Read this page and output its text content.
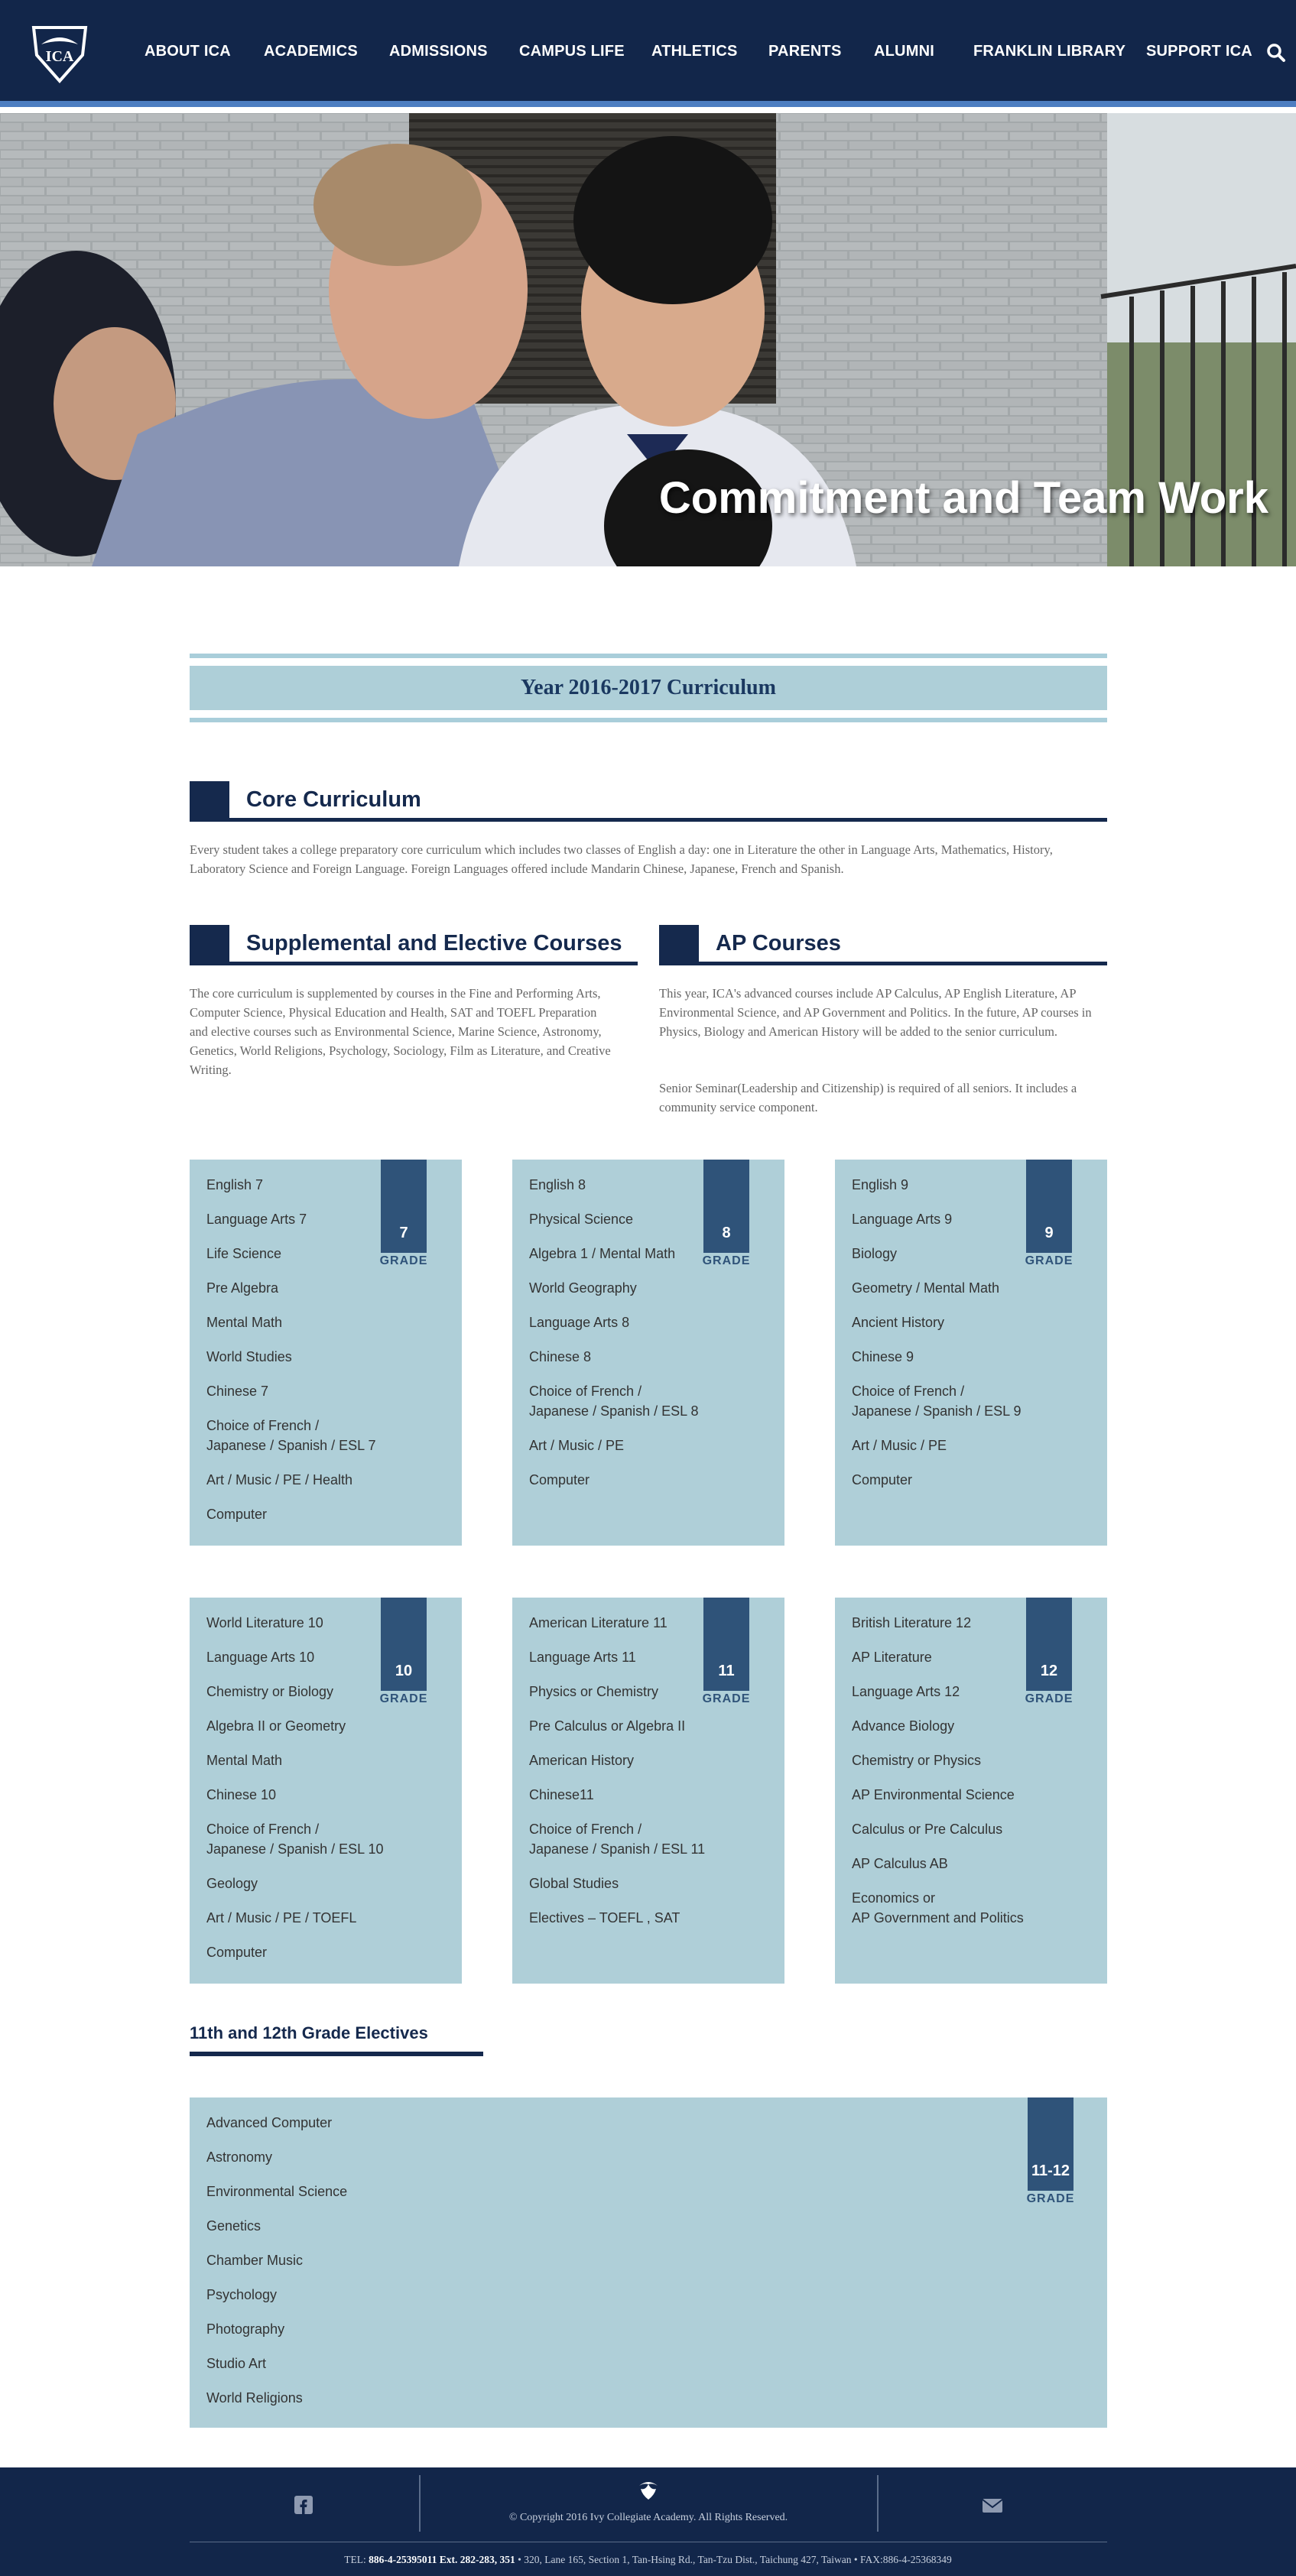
ICA	ABOUT ICA ACADEMICS ADMISSIONS CAMPUS LIFE ATHLETICS PARENTS ALUMNI	FRANKLIN LIBRARY SUPPORT ICA
Commitment and Team Work
Year 2016-2017 Curriculum
Core Curriculum

Every student takes a college preparatory core curriculum which includes two classes of English a day: one in Literature the other in Language Arts, Mathematics, History, Laboratory Science and Foreign Language. Foreign Languages offered include Mandarin Chinese, Japanese, French and Spanish.

Supplemental and Elective Courses

The core curriculum is supplemented by courses in the Fine and Performing Arts, Computer Science, Physical Education and Health, SAT and TOEFL Preparation and elective courses such as Environmental Science, Marine Science, Astronomy, Genetics, World Religions, Psychology, Sociology, Film as Literature, and Creative Writing.

AP Courses

This year, ICA's advanced courses include AP Calculus, AP English Literature, AP Environmental Science, and AP Government and Politics. In the future, AP courses in Physics, Biology and American History will be added to the senior curriculum.

Senior Seminar(Leadership and Citizenship) is required of all seniors. It includes a community service component.

English 7
Language Arts 7
Life Science
Pre Algebra
Mental Math
World Studies
Chinese 7
Choice of French /
Japanese / Spanish / ESL 7
Art / Music / PE / Health
Computer
7
GRADE
English 8
Physical Science
Algebra 1 / Mental Math
World Geography
Language Arts 8
Chinese 8
Choice of French /
Japanese / Spanish / ESL 8
Art / Music / PE
Computer
8
GRADE
English 9
Language Arts 9
Biology
Geometry / Mental Math
Ancient History
Chinese 9
Choice of French /
Japanese / Spanish / ESL 9
Art / Music / PE
Computer
9
GRADE
World Literature 10
Language Arts 10
Chemistry or Biology
Algebra II or Geometry
Mental Math
Chinese 10
Choice of French /
Japanese / Spanish / ESL 10
Geology
Art / Music / PE / TOEFL
Computer
10
GRADE
American Literature 11
Language Arts 11
Physics or Chemistry
Pre Calculus or Algebra II
American History
Chinese11
Choice of French /
Japanese / Spanish / ESL 11
Global Studies
Electives – TOEFL , SAT
11
GRADE
British Literature 12
AP Literature
Language Arts 12
Advance Biology
Chemistry or Physics
AP Environmental Science
Calculus or Pre Calculus
AP Calculus AB
Economics or
AP Government and Politics
12
GRADE
11th and 12th Grade Electives
Advanced Computer
Astronomy
Environmental Science
Genetics
Chamber Music
Psychology
Photography
Studio Art
World Religions
11-12
GRADE
© Copyright 2016 Ivy Collegiate Academy. All Rights Reserved.
TEL: 886-4-25395011 Ext. 282-283, 351 • 320, Lane 165, Section 1, Tan-Hsing Rd., Tan-Tzu Dist., Taichung 427, Taiwan • FAX:886-4-25368349
